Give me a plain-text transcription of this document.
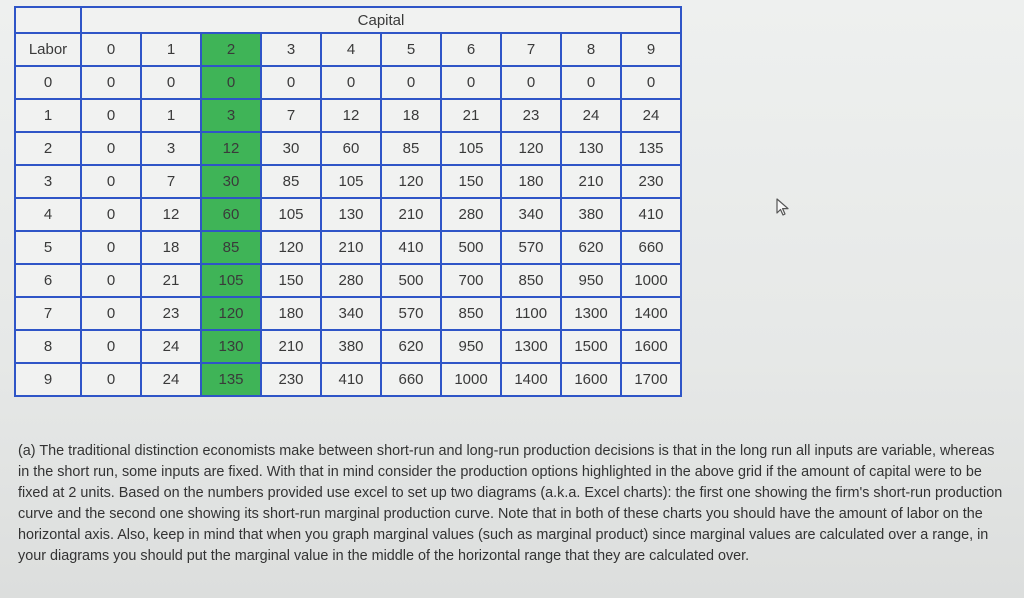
	Capital									
Labor	0	1	2	3	4	5	6	7	8	9
0	0	0	0	0	0	0	0	0	0	0
1	0	1	3	7	12	18	21	23	24	24
2	0	3	12	30	60	85	105	120	130	135
3	0	7	30	85	105	120	150	180	210	230
4	0	12	60	105	130	210	280	340	380	410
5	0	18	85	120	210	410	500	570	620	660
6	0	21	105	150	280	500	700	850	950	1000
7	0	23	120	180	340	570	850	1100	1300	1400
8	0	24	130	210	380	620	950	1300	1500	1600
9	0	24	135	230	410	660	1000	1400	1600	1700

(a) The traditional distinction economists make between short-run and long-run production decisions is that in the long run all inputs are variable, whereas in the short run, some inputs are fixed. With that in mind consider the production options highlighted in the above grid if the amount of capital were to be fixed at 2 units. Based on the numbers provided use excel to set up two diagrams (a.k.a. Excel charts): the first one showing the firm's short-run production curve and the second one showing its short-run marginal production curve. Note that in both of these charts you should have the amount of labor on the horizontal axis. Also, keep in mind that when you graph marginal values (such as marginal product) since marginal values are calculated over a range, in your diagrams you should put the marginal value in the middle of the horizontal range that they are calculated over.
